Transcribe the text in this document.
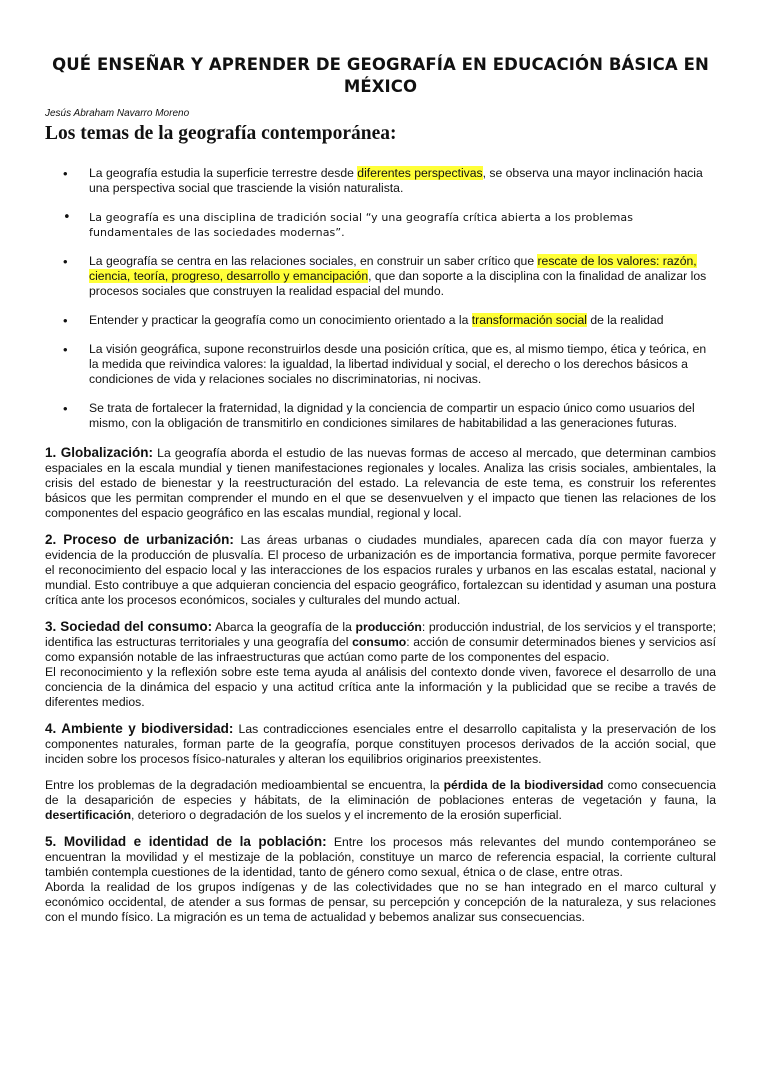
QUÉ ENSEÑAR Y APRENDER DE GEOGRAFÍA EN EDUCACIÓN BÁSICA EN MÉXICO
Jesús Abraham Navarro Moreno
Los temas de la geografía contemporánea:
• La geografía estudia la superficie terrestre desde diferentes perspectivas, se observa una mayor inclinación hacia una perspectiva social que trasciende la visión naturalista.
• La geografía es una disciplina de tradición social “y una geografía crítica abierta a los problemas fundamentales de las sociedades modernas”.
• La geografía se centra en las relaciones sociales, en construir un saber crítico que rescate de los valores: razón, ciencia, teoría, progreso, desarrollo y emancipación, que dan soporte a la disciplina con la finalidad de analizar los procesos sociales que construyen la realidad espacial del mundo.
• Entender y practicar la geografía como un conocimiento orientado a la transformación social de la realidad
• La visión geográfica, supone reconstruirlos desde una posición crítica, que es, al mismo tiempo, ética y teórica, en la medida que reivindica valores: la igualdad, la libertad individual y social, el derecho o los derechos básicos a condiciones de vida y relaciones sociales no discriminatorias, ni nocivas.
• Se trata de fortalecer la fraternidad, la dignidad y la conciencia de compartir un espacio único como usuarios del mismo, con la obligación de transmitirlo en condiciones similares de habitabilidad a las generaciones futuras.

1. Globalización: La geografía aborda el estudio de las nuevas formas de acceso al mercado, que determinan cambios espaciales en la escala mundial y tienen manifestaciones regionales y locales. Analiza las crisis sociales, ambientales, la crisis del estado de bienestar y la reestructuración del estado. La relevancia de este tema, es construir los referentes básicos que les permitan comprender el mundo en el que se desenvuelven y el impacto que tienen las relaciones de los componentes del espacio geográfico en las escalas mundial, regional y local.

2. Proceso de urbanización: Las áreas urbanas o ciudades mundiales, aparecen cada día con mayor fuerza y evidencia de la producción de plusvalía. El proceso de urbanización es de importancia formativa, porque permite favorecer el reconocimiento del espacio local y las interacciones de los espacios rurales y urbanos en las escalas estatal, nacional y mundial. Esto contribuye a que adquieran conciencia del espacio geográfico, fortalezcan su identidad y asuman una postura crítica ante los procesos económicos, sociales y culturales del mundo actual.

3. Sociedad del consumo: Abarca la geografía de la producción: producción industrial, de los servicios y el transporte; identifica las estructuras territoriales y una geografía del consumo: acción de consumir determinados bienes y servicios así como expansión notable de las infraestructuras que actúan como parte de los componentes del espacio.

El reconocimiento y la reflexión sobre este tema ayuda al análisis del contexto donde viven, favorece el desarrollo de una conciencia de la dinámica del espacio y una actitud crítica ante la información y la publicidad que se recibe a través de diferentes medios.

4. Ambiente y biodiversidad: Las contradicciones esenciales entre el desarrollo capitalista y la preservación de los componentes naturales, forman parte de la geografía, porque constituyen procesos derivados de la acción social, que inciden sobre los procesos físico-naturales y alteran los equilibrios originarios preexistentes.

Entre los problemas de la degradación medioambiental se encuentra, la pérdida de la biodiversidad como consecuencia de la desaparición de especies y hábitats, de la eliminación de poblaciones enteras de vegetación y fauna, la desertificación, deterioro o degradación de los suelos y el incremento de la erosión superficial.

5. Movilidad e identidad de la población: Entre los procesos más relevantes del mundo contemporáneo se encuentran la movilidad y el mestizaje de la población, constituye un marco de referencia espacial, la corriente cultural también contempla cuestiones de la identidad, tanto de género como sexual, étnica o de clase, entre otras.

Aborda la realidad de los grupos indígenas y de las colectividades que no se han integrado en el marco cultural y económico occidental, de atender a sus formas de pensar, su percepción y concepción de la naturaleza, y sus relaciones con el mundo físico. La migración es un tema de actualidad y bebemos analizar sus consecuencias.
